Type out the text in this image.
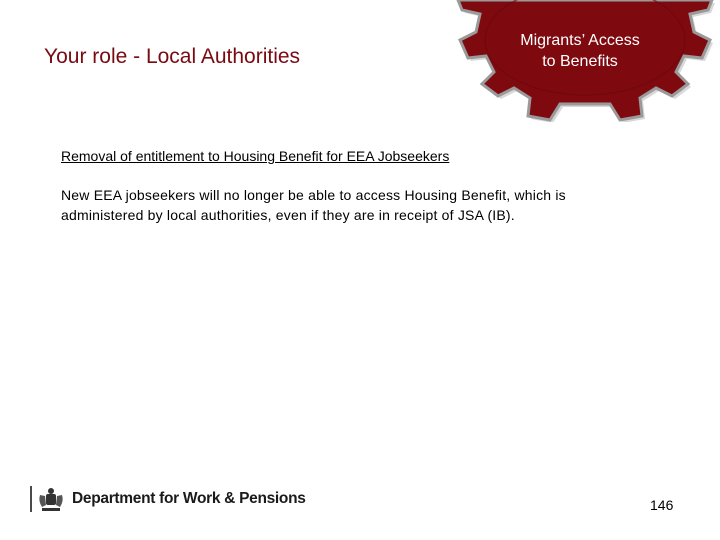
Your role - Local Authorities
Migrants’ Access
to Benefits

Removal of entitlement to Housing Benefit for EEA Jobseekers

New EEA jobseekers will no longer be able to access Housing Benefit, which is
administered by local authorities, even if they are in receipt of JSA (IB).

Department for Work & Pensions	146
